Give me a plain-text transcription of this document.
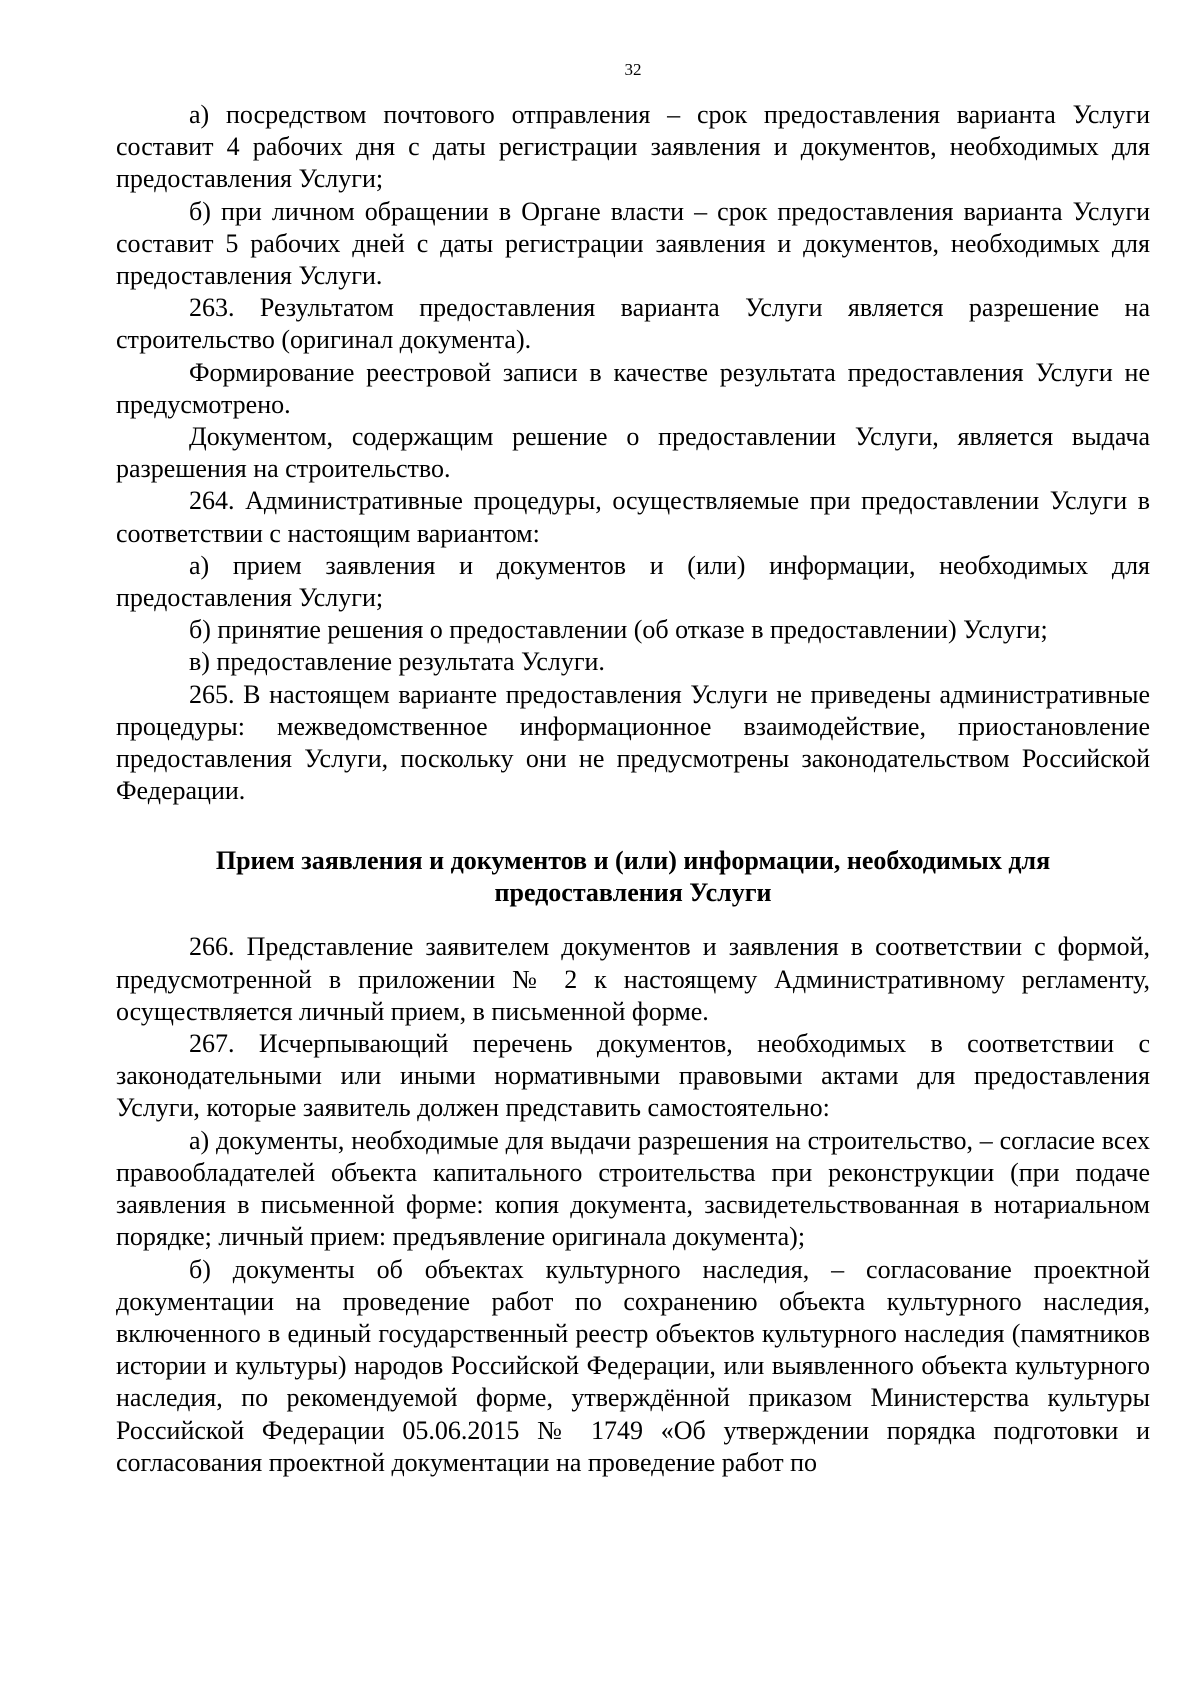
32

а) посредством почтового отправления – срок предоставления варианта Услуги составит 4 рабочих дня с даты регистрации заявления и документов, необходимых для предоставления Услуги;

б) при личном обращении в Органе власти – срок предоставления варианта Услуги составит 5 рабочих дней с даты регистрации заявления и документов, необходимых для предоставления Услуги.

263. Результатом предоставления варианта Услуги является разрешение на строительство (оригинал документа).

Формирование реестровой записи в качестве результата предоставления Услуги не предусмотрено.

Документом, содержащим решение о предоставлении Услуги, является выдача разрешения на строительство.

264. Административные процедуры, осуществляемые при предоставлении Услуги в соответствии с настоящим вариантом:

а) прием заявления и документов и (или) информации, необходимых для предоставления Услуги;

б) принятие решения о предоставлении (об отказе в предоставлении) Услуги;

в) предоставление результата Услуги.

265. В настоящем варианте предоставления Услуги не приведены административные процедуры: межведомственное информационное взаимодействие, приостановление предоставления Услуги, поскольку они не предусмотрены законодательством Российской Федерации.

Прием заявления и документов и (или) информации, необходимых для предоставления Услуги

266. Представление заявителем документов и заявления в соответствии с формой, предусмотренной в приложении № 2 к настоящему Административному регламенту, осуществляется личный прием, в письменной форме.

267. Исчерпывающий перечень документов, необходимых в соответствии с законодательными или иными нормативными правовыми актами для предоставления Услуги, которые заявитель должен представить самостоятельно:

а) документы, необходимые для выдачи разрешения на строительство, – согласие всех правообладателей объекта капитального строительства при реконструкции (при подаче заявления в письменной форме: копия документа, засвидетельствованная в нотариальном порядке; личный прием: предъявление оригинала документа);

б) документы об объектах культурного наследия, – согласование проектной документации на проведение работ по сохранению объекта культурного наследия, включенного в единый государственный реестр объектов культурного наследия (памятников истории и культуры) народов Российской Федерации, или выявленного объекта культурного наследия, по рекомендуемой форме, утверждённой приказом Министерства культуры Российской Федерации 05.06.2015 № 1749 «Об утверждении порядка подготовки и согласования проектной документации на проведение работ по
